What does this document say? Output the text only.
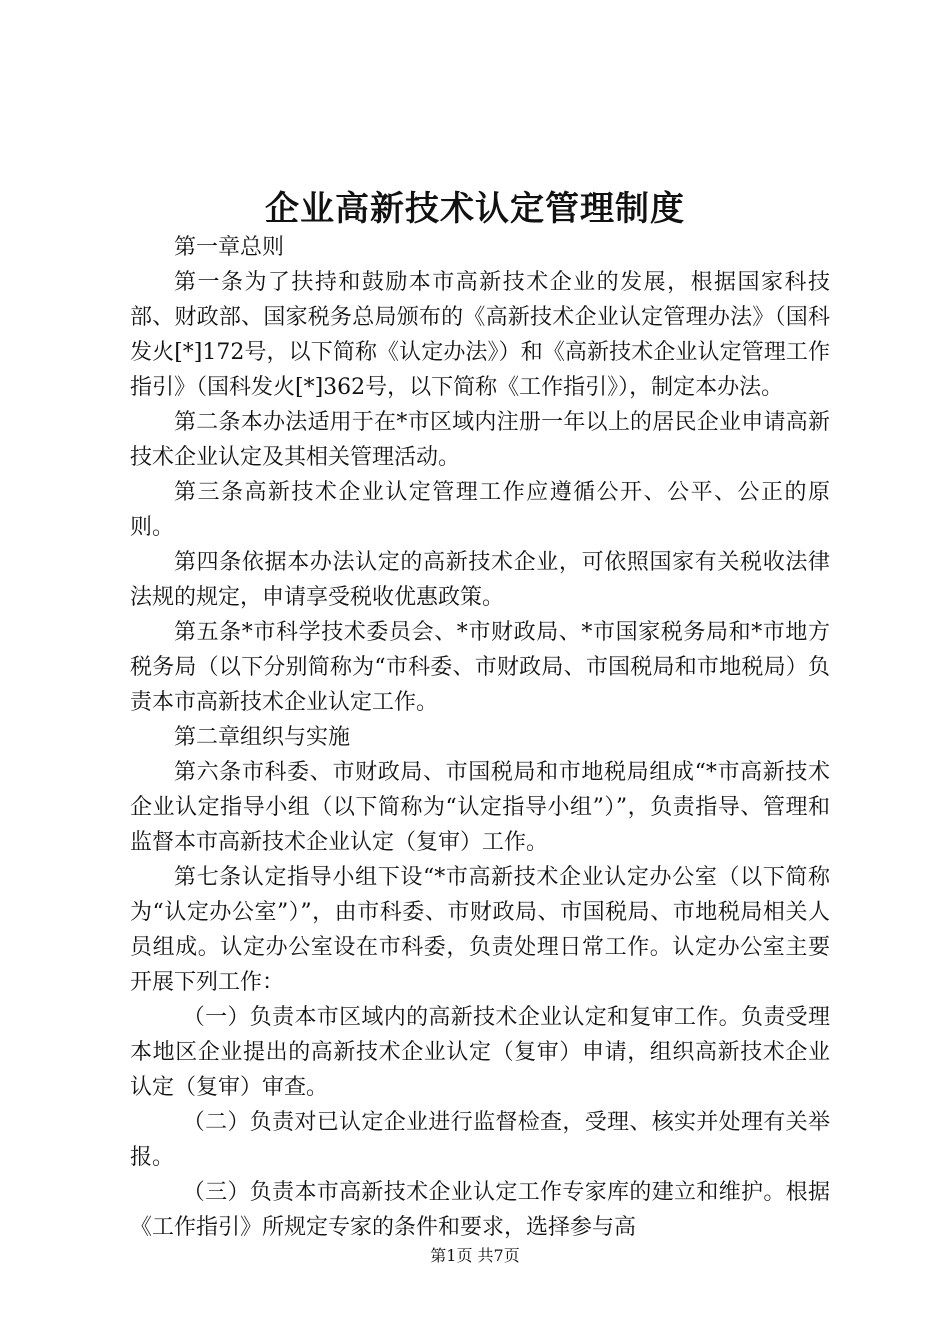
企业高新技术认定管理制度

第一章总则

第一条为了扶持和鼓励本市高新技术企业的发展，根据国家科技部、财政部、国家税务总局颁布的《高新技术企业认定管理办法》（国科发火[*]172号，以下简称《认定办法》）和《高新技术企业认定管理工作指引》（国科发火[*]362号，以下简称《工作指引》），制定本办法。

第二条本办法适用于在*市区域内注册一年以上的居民企业申请高新技术企业认定及其相关管理活动。

第三条高新技术企业认定管理工作应遵循公开、公平、公正的原则。

第四条依据本办法认定的高新技术企业，可依照国家有关税收法律法规的规定，申请享受税收优惠政策。

第五条*市科学技术委员会、*市财政局、*市国家税务局和*市地方税务局（以下分别简称为“市科委、市财政局、市国税局和市地税局）负责本市高新技术企业认定工作。

第二章组织与实施

第六条市科委、市财政局、市国税局和市地税局组成“*市高新技术企业认定指导小组（以下简称为“认定指导小组”）”，负责指导、管理和监督本市高新技术企业认定（复审）工作。

第七条认定指导小组下设“*市高新技术企业认定办公室（以下简称为“认定办公室”）”，由市科委、市财政局、市国税局、市地税局相关人员组成。认定办公室设在市科委，负责处理日常工作。认定办公室主要开展下列工作：

（一）负责本市区域内的高新技术企业认定和复审工作。负责受理本地区企业提出的高新技术企业认定（复审）申请，组织高新技术企业认定（复审）审查。

（二）负责对已认定企业进行监督检查，受理、核实并处理有关举报。

（三）负责本市高新技术企业认定工作专家库的建立和维护。根据《工作指引》所规定专家的条件和要求，选择参与高

第1页 共7页
